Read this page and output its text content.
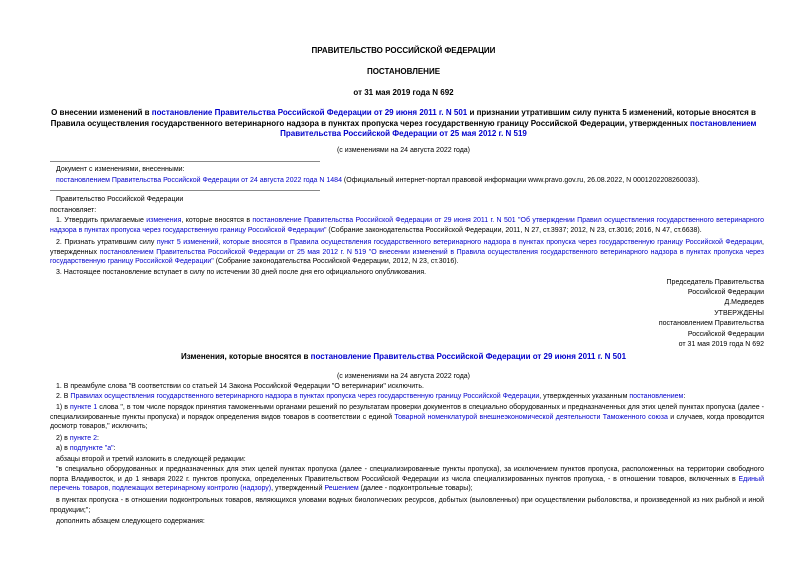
ПРАВИТЕЛЬСТВО РОССИЙСКОЙ ФЕДЕРАЦИИ
ПОСТАНОВЛЕНИЕ
от 31 мая 2019 года N 692
О внесении изменений в постановление Правительства Российской Федерации от 29 июня 2011 г. N 501 и признании утратившим силу пункта 5 изменений, которые вносятся в Правила осуществления государственного ветеринарного надзора в пунктах пропуска через государственную границу Российской Федерации, утвержденных постановлением Правительства Российской Федерации от 25 мая 2012 г. N 519
(с изменениями на 24 августа 2022 года)
Документ с изменениями, внесенными:
постановлением Правительства Российской Федерации от 24 августа 2022 года N 1484 (Официальный интернет-портал правовой информации www.pravo.gov.ru, 26.08.2022, N 0001202208260033).
Правительство Российской Федерации
постановляет:
1. Утвердить прилагаемые изменения, которые вносятся в постановление Правительства Российской Федерации от 29 июня 2011 г. N 501 "Об утверждении Правил осуществления государственного ветеринарного надзора в пунктах пропуска через государственную границу Российской Федерации" (Собрание законодательства Российской Федерации, 2011, N 27, ст.3937; 2012, N 23, ст.3016; 2016, N 47, ст.6638).
2. Признать утратившим силу пункт 5 изменений, которые вносятся в Правила осуществления государственного ветеринарного надзора в пунктах пропуска через государственную границу Российской Федерации, утвержденных постановлением Правительства Российской Федерации от 25 мая 2012 г. N 519 "О внесении изменений в Правила осуществления государственного ветеринарного надзора в пунктах пропуска через государственную границу Российской Федерации" (Собрание законодательства Российской Федерации, 2012, N 23, ст.3016).
3. Настоящее постановление вступает в силу по истечении 30 дней после дня его официального опубликования.
Председатель Правительства
Российской Федерации
Д.Медведев
УТВЕРЖДЕНЫ
постановлением Правительства
Российской Федерации
от 31 мая 2019 года N 692
Изменения, которые вносятся в постановление Правительства Российской Федерации от 29 июня 2011 г. N 501
(с изменениями на 24 августа 2022 года)
1. В преамбуле слова "В соответствии со статьей 14 Закона Российской Федерации "О ветеринарии" исключить.
2. В Правилах осуществления государственного ветеринарного надзора в пунктах пропуска через государственную границу Российской Федерации, утвержденных указанным постановлением:
1) в пункте 1 слова ", в том числе порядок принятия таможенными органами решений по результатам проверки документов в специально оборудованных и предназначенных для этих целей пунктах пропуска (далее - специализированные пункты пропуска) и порядок определения видов товаров в соответствии с единой Товарной номенклатурой внешнеэкономической деятельности Таможенного союза и случаев, когда проводится досмотр товаров," исключить;
2) в пункте 2:
а) в подпункте "а":
абзацы второй и третий изложить в следующей редакции:
"в специально оборудованных и предназначенных для этих целей пунктах пропуска (далее - специализированные пункты пропуска), за исключением пунктов пропуска, расположенных на территории свободного порта Владивосток, и до 1 января 2022 г. пунктов пропуска, определенных Правительством Российской Федерации из числа специализированных пунктов пропуска, - в отношении товаров, включенных в Единый перечень товаров, подлежащих ветеринарному контролю (надзору), утвержденный Решением (далее - подконтрольные товары);
в пунктах пропуска - в отношении подконтрольных товаров, являющихся уловами водных биологических ресурсов, добытых (выловленных) при осуществлении рыболовства, и произведенной из них рыбной и иной продукции;";
дополнить абзацем следующего содержания:
